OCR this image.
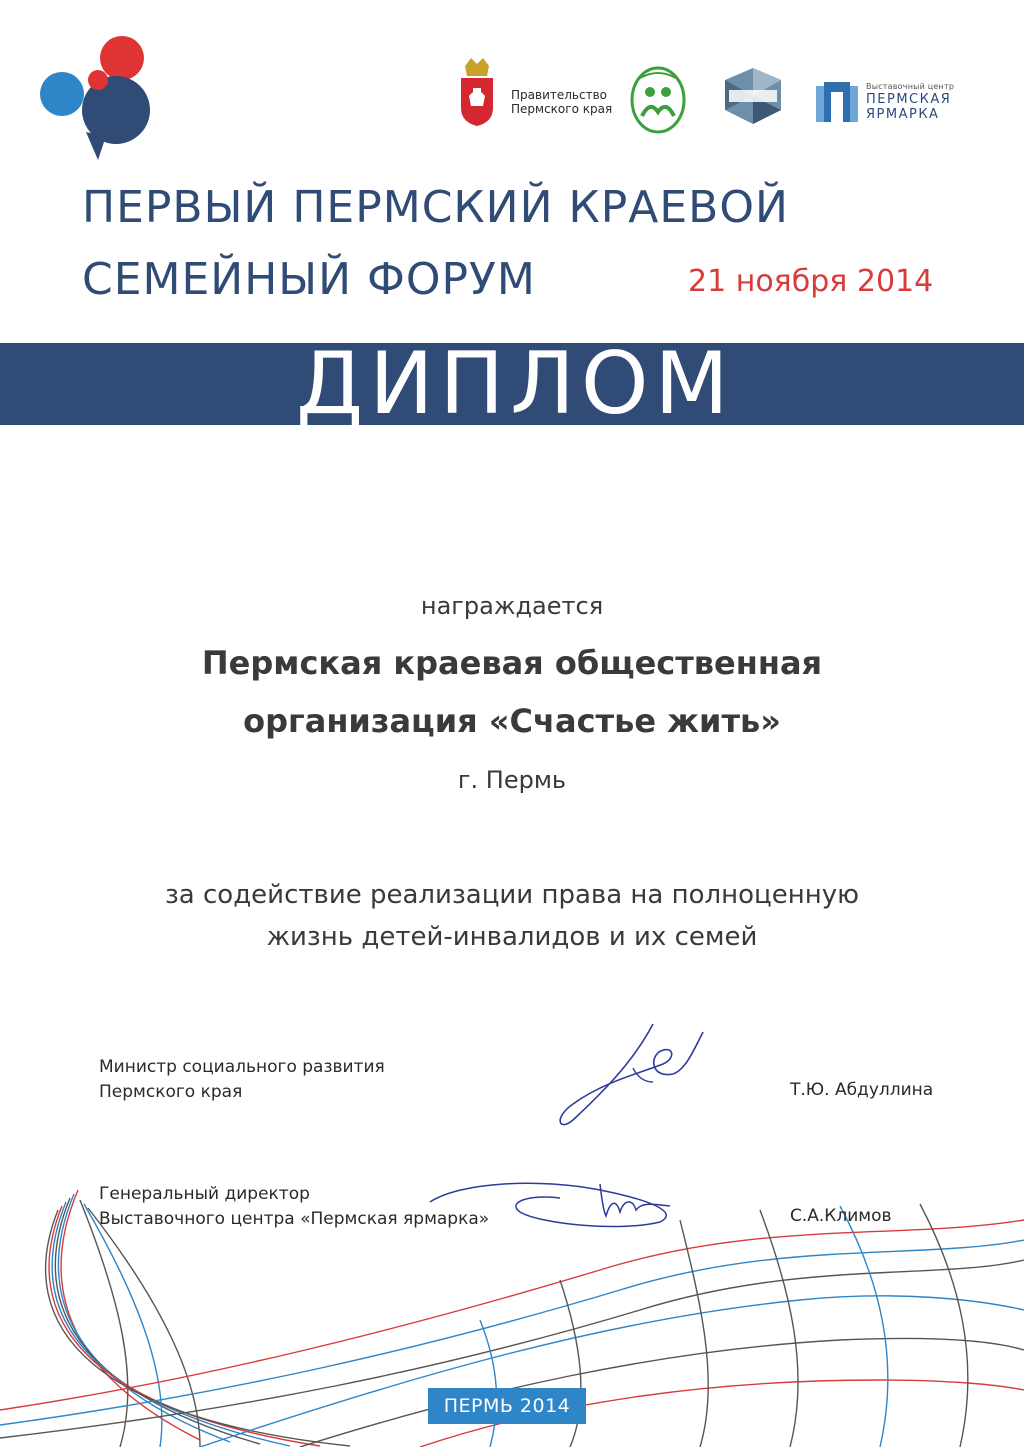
Правительство
Пермского края
Выставочный центр
ПЕРМСКАЯ
ЯРМАРКА
ПЕРВЫЙ ПЕРМСКИЙ КРАЕВОЙ
СЕМЕЙНЫЙ ФОРУМ	21 ноября 2014
ДИПЛОМ
награждается
Пермская краевая общественная
организация «Счастье жить»
г. Пермь
за содействие реализации права на полноценную
жизнь детей-инвалидов и их семей
Министр социального развития
Пермского края	Т.Ю. Абдуллина
Генеральный директор
Выставочного центра «Пермская ярмарка»	С.А.Климов
ПЕРМЬ 2014
